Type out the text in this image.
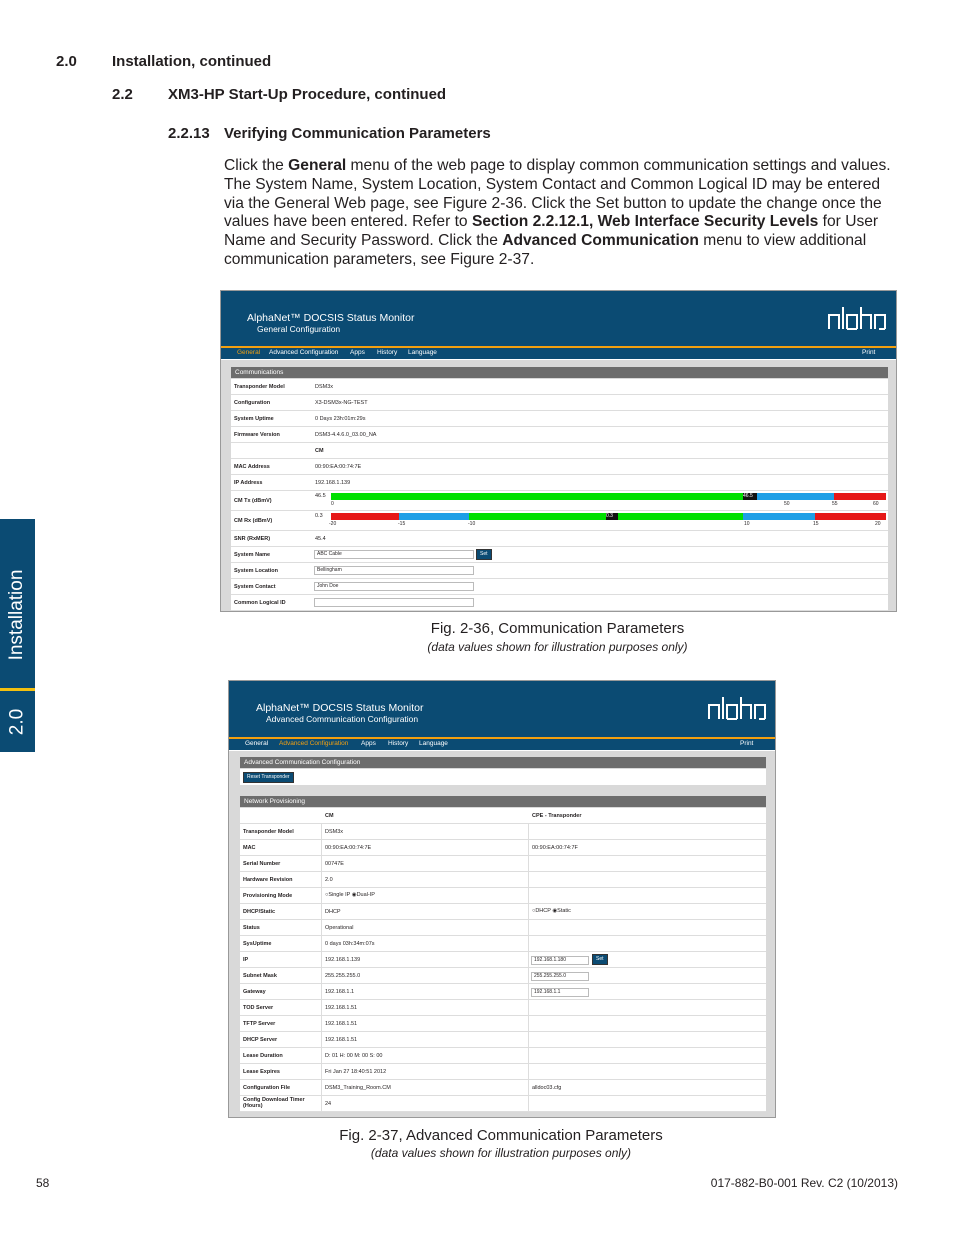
2.0 Installation, continued
2.2 XM3-HP Start-Up Procedure, continued
2.2.13 Verifying Communication Parameters
Click the General menu of the web page to display common communication settings and values. The System Name, System Location, System Contact and Common Logical ID may be entered via the General Web page, see Figure 2-36. Click the Set button to update the change once the values have been entered. Refer to Section 2.2.12.1, Web Interface Security Levels for User Name and Security Password. Click the Advanced Communication menu to view additional communication parameters, see Figure 2-37.
Installation
2.0
AlphaNet™ DOCSIS Status Monitor
General Configuration
General Advanced Configuration Apps History Language	Print
Communications
Transponder Model	DSM3x
Configuration	X3-DSM3x-NG-TEST
System Uptime	0 Days 23h:01m:29s
Firmware Version	DSM3-4.4.6.0_03.00_NA
CM
MAC Address	00:90:EA:00:74:7E
IP Address	192.168.1.139
CM Tx (dBmV)
46.5	46.5
0	50	55	60
CM Rx (dBmV)
0.3	0.3
-20	-15	-10	10	15	20
SNR (RxMER)	45.4
System Name	ABC Cable	Set
System Location	Bellingham
System Contact	John Doe
Common Logical ID
Fig. 2-36, Communication Parameters
(data values shown for illustration purposes only)
AlphaNet™ DOCSIS Status Monitor
Advanced Communication Configuration
General Advanced Configuration Apps History Language	Print
Advanced Communication Configuration
Reset Transponder
Network Provisioning
CM	CPE - Transponder
Transponder Model	DSM3x
MAC	00:90:EA:00:74:7E	00:90:EA:00:74:7F
Serial Number	00747E
Hardware Revision	2.0
Provisioning Mode	○Single IP ◉Dual-IP
DHCP/Static	DHCP	○DHCP ◉Static
Status	Operational
SysUptime	0 days 03h:34m:07s
IP	192.168.1.139	192.168.1.180	Set
Subnet Mask	255.255.255.0	255.255.255.0
Gateway	192.168.1.1	192.168.1.1
TOD Server	192.168.1.51
TFTP Server	192.168.1.51
DHCP Server	192.168.1.51
Lease Duration	D: 01 H: 00 M: 00 S: 00
Lease Expires	Fri Jan 27 18:40:51 2012
Configuration File	DSM3_Training_Room.CM	alldoc03.cfg
Config Download Timer (Hours)	24
Fig. 2-37, Advanced Communication Parameters
(data values shown for illustration purposes only)
58	017-882-B0-001 Rev. C2 (10/2013)
